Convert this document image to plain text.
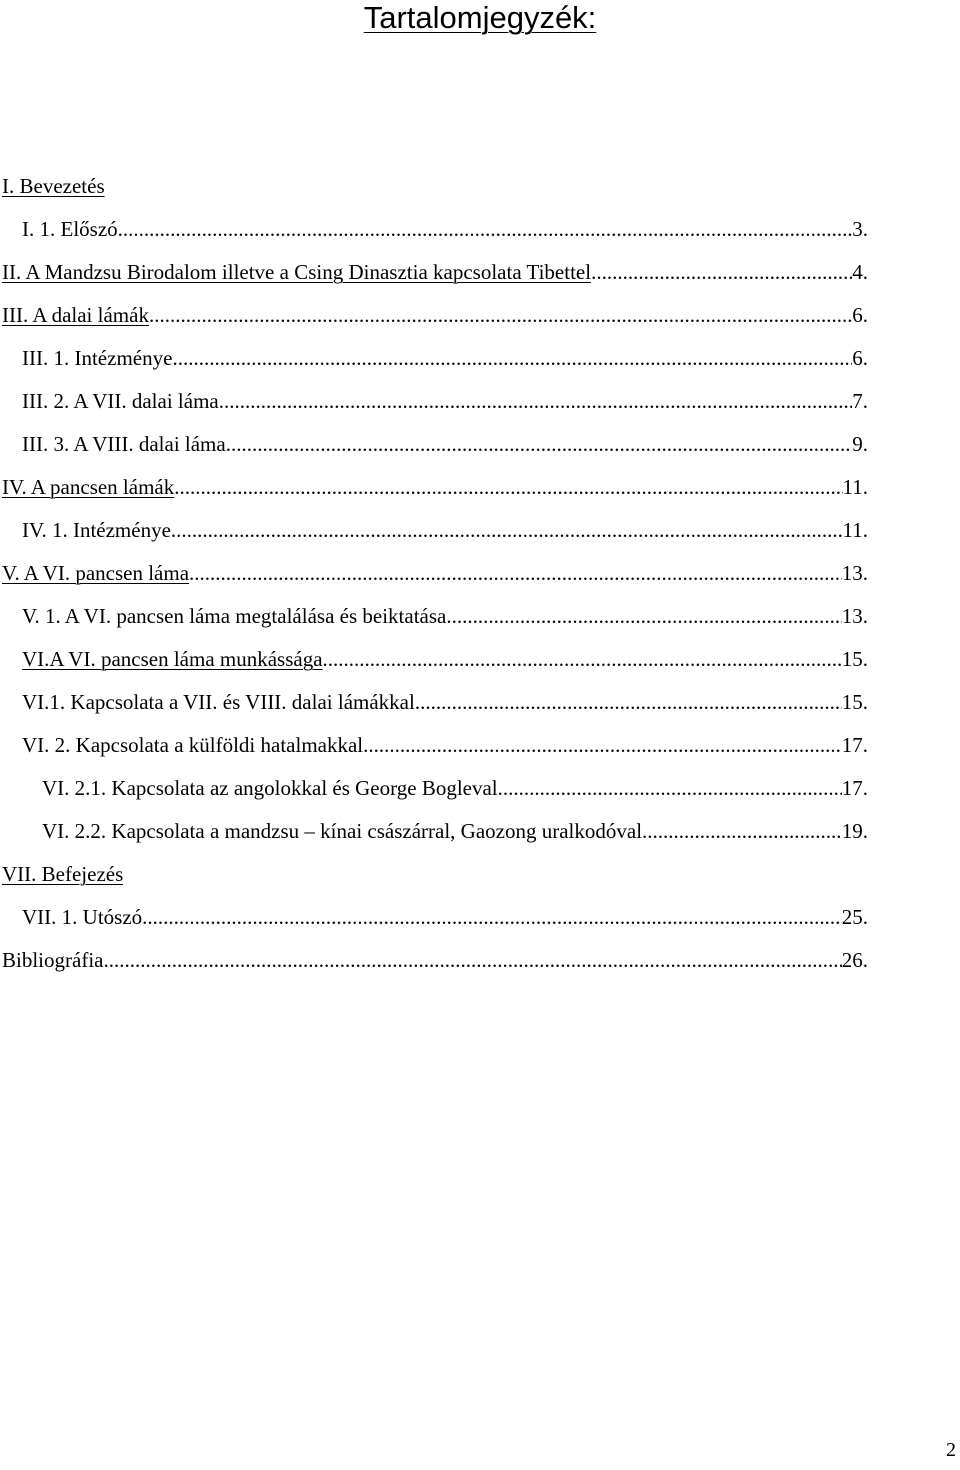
Tartalomjegyzék:
I. Bevezetés
I. 1. Előszó .....	3.
II. A Mandzsu Birodalom illetve a Csing Dinasztia kapcsolata Tibettel .....	4.
III. A dalai lámák .....	6.
III. 1. Intézménye .....	6.
III. 2. A VII. dalai láma .....	7.
III. 3. A VIII. dalai láma .....	9.
IV. A pancsen lámák .....	11.
IV. 1. Intézménye .....	11.
V. A VI. pancsen láma .....	13.
V. 1. A VI. pancsen láma megtalálása és beiktatása .....	13.
VI.A VI. pancsen láma munkássága .....	15.
VI.1. Kapcsolata a VII. és VIII. dalai lámákkal .....	15.
VI. 2. Kapcsolata a külföldi hatalmakkal .....	17.
VI. 2.1. Kapcsolata az angolokkal és George Bogleval .....	17.
VI. 2.2. Kapcsolata a mandzsu – kínai császárral, Gaozong uralkodóval .....	19.
VII. Befejezés
VII. 1. Utószó .....	25.
Bibliográfia .....	26.
2
